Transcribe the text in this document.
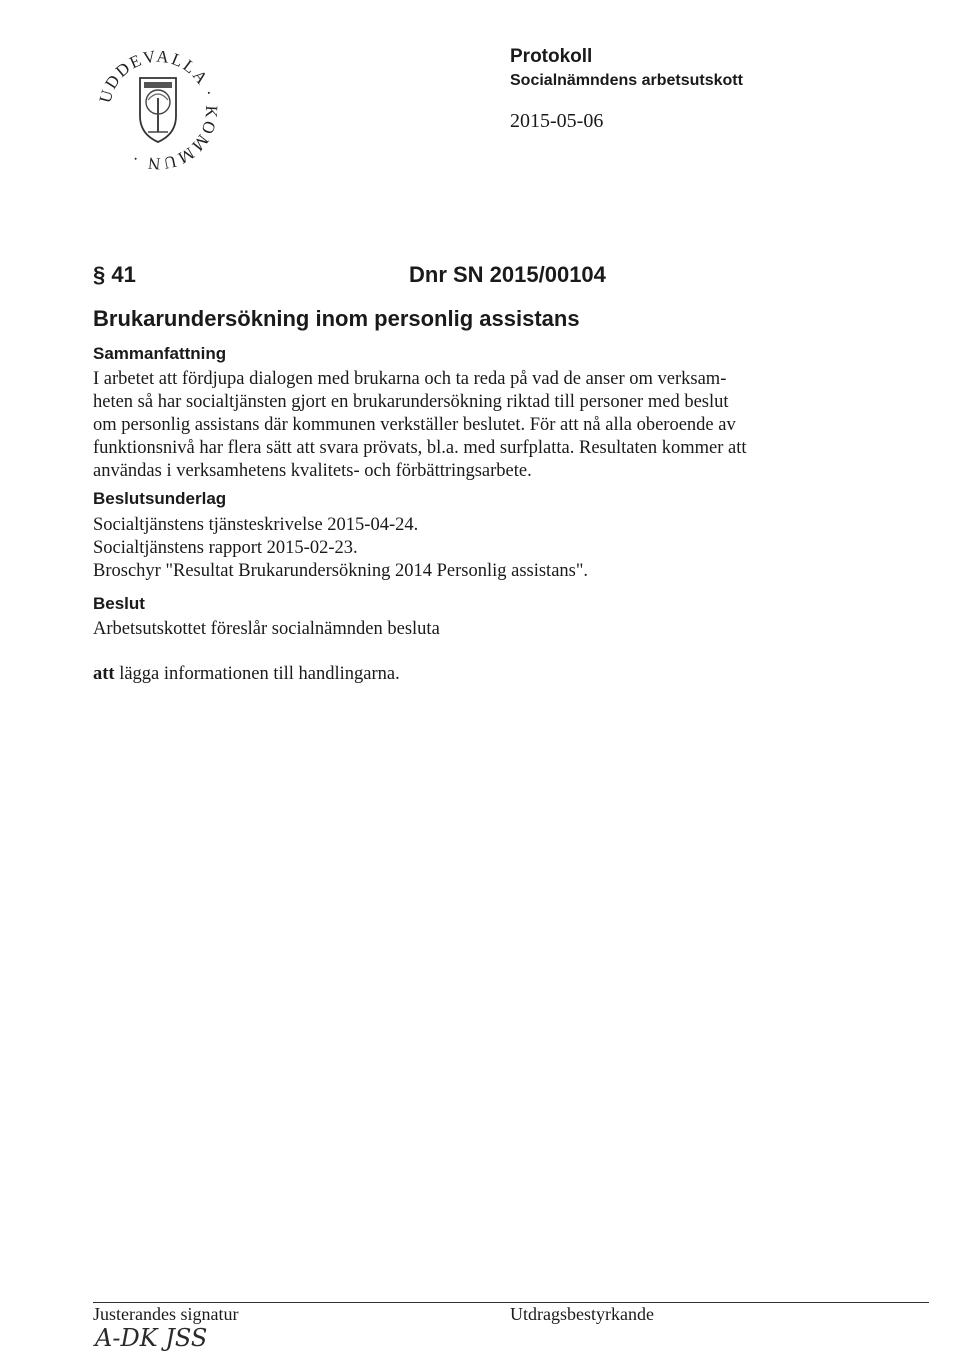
UDDEVALLA · KOMMUN ·
Protokoll
Socialnämndens arbetsutskott
2015-05-06
§ 41	Dnr SN 2015/00104
Brukarundersökning inom personlig assistans
Sammanfattning
I arbetet att fördjupa dialogen med brukarna och ta reda på vad de anser om verksam-
heten så har socialtjänsten gjort en brukarundersökning riktad till personer med beslut
om personlig assistans där kommunen verkställer beslutet. För att nå alla oberoende av
funktionsnivå har flera sätt att svara prövats, bl.a. med surfplatta. Resultaten kommer att
användas i verksamhetens kvalitets- och förbättringsarbete.
Beslutsunderlag
Socialtjänstens tjänsteskrivelse 2015-04-24.
Socialtjänstens rapport 2015-02-23.
Broschyr "Resultat Brukarundersökning 2014 Personlig assistans".
Beslut
Arbetsutskottet föreslår socialnämnden besluta
att lägga informationen till handlingarna.
Justerandes signatur	Utdragsbestyrkande
A-DK JSS
